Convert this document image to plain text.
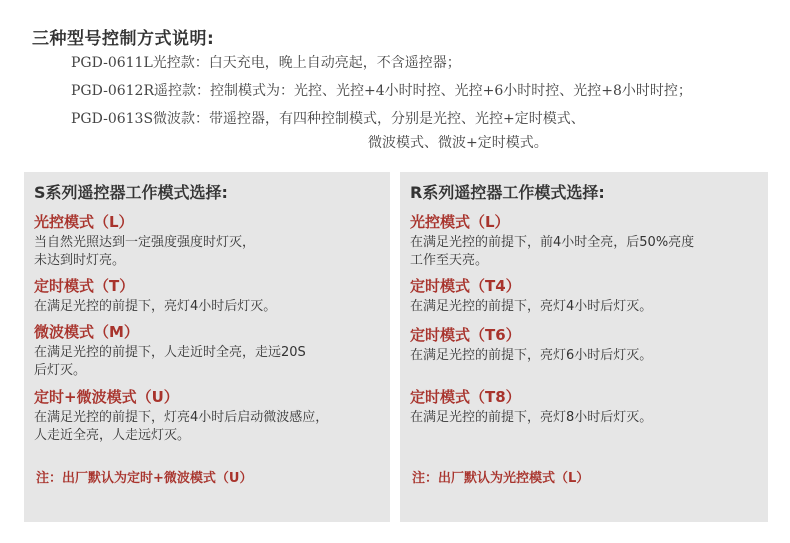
三种型号控制方式说明:
PGD-0611L光控款：白天充电，晚上自动亮起，不含遥控器；
PGD-0612R遥控款：控制模式为：光控、光控+4小时时控、光控+6小时时控、光控+8小时时控；
PGD-0613S微波款：带遥控器，有四种控制模式，分别是光控、光控+定时模式、
微波模式、微波+定时模式。
S系列遥控器工作模式选择:
光控模式（L）
当自然光照达到一定强度强度时灯灭，
未达到时灯亮。
定时模式（T）
在满足光控的前提下，亮灯4小时后灯灭。
微波模式（M）
在满足光控的前提下，人走近时全亮，走远20S
后灯灭。
定时+微波模式（U）
在满足光控的前提下，灯亮4小时后启动微波感应，
人走近全亮，人走远灯灭。
注：出厂默认为定时+微波模式（U）
R系列遥控器工作模式选择:
光控模式（L）
在满足光控的前提下，前4小时全亮，后50%亮度
工作至天亮。
定时模式（T4）
在满足光控的前提下，亮灯4小时后灯灭。
定时模式（T6）
在满足光控的前提下，亮灯6小时后灯灭。
定时模式（T8）
在满足光控的前提下，亮灯8小时后灯灭。
注：出厂默认为光控模式（L）
